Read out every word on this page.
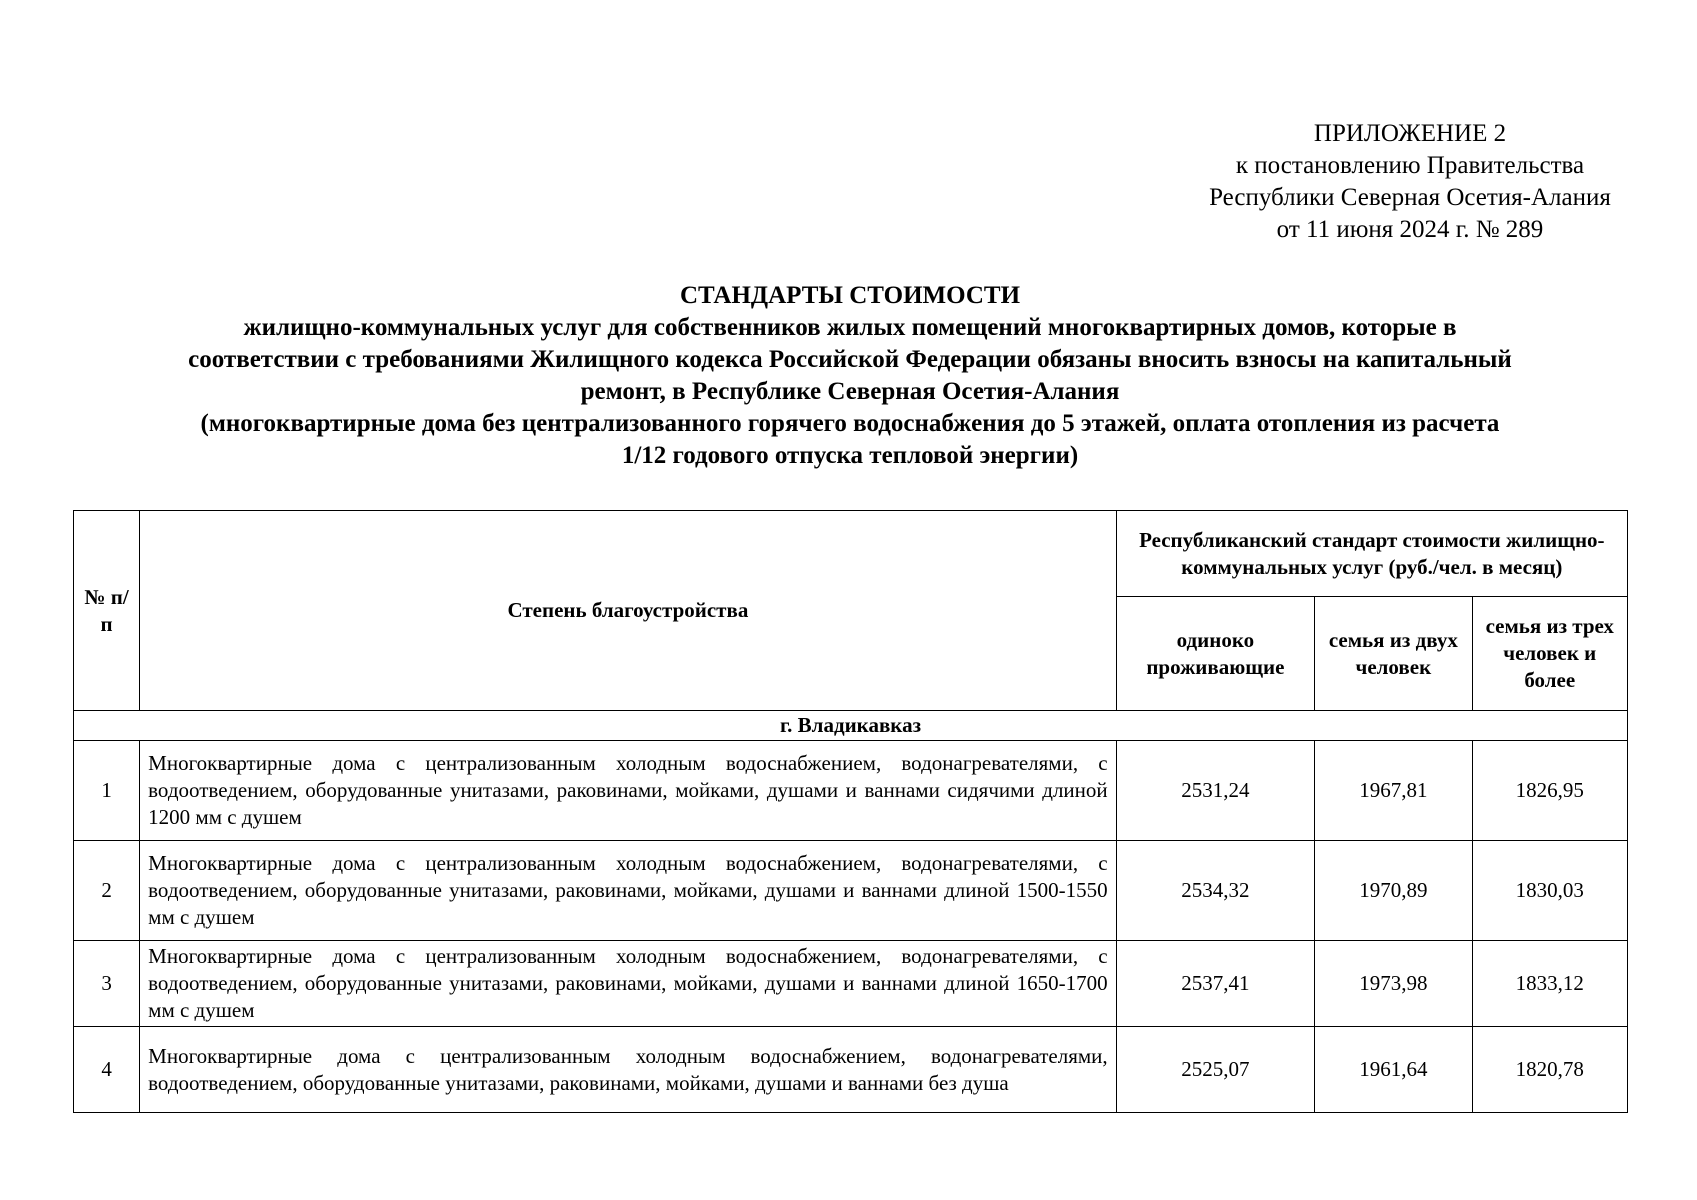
ПРИЛОЖЕНИЕ 2
к постановлению Правительства
Республики Северная Осетия-Алания
от 11 июня 2024 г. № 289
СТАНДАРТЫ СТОИМОСТИ
жилищно-коммунальных услуг для собственников жилых помещений многоквартирных домов, которые в
соответствии с требованиями Жилищного кодекса Российской Федерации обязаны вносить взносы на капитальный
ремонт, в Республике Северная Осетия-Алания
(многоквартирные дома без централизованного горячего водоснабжения до 5 этажей, оплата отопления из расчета
1/12 годового отпуска тепловой энергии)
№ п/п	Степень благоустройства	Республиканский стандарт стоимости жилищно-коммунальных услуг (руб./чел. в месяц)		
		одиноко проживающие	семья из двух человек	семья из трех человек и более
г. Владикавказ				
1	Многоквартирные дома с централизованным холодным водоснабжением, водонагревателями, с водоотведением, оборудованные унитазами, раковинами, мойками, душами и ваннами сидячими длиной 1200 мм с душем	2531,24	1967,81	1826,95
2	Многоквартирные дома с централизованным холодным водоснабжением, водонагревателями, с водоотведением, оборудованные унитазами, раковинами, мойками, душами и ваннами длиной 1500-1550 мм с душем	2534,32	1970,89	1830,03
3	Многоквартирные дома с централизованным холодным водоснабжением, водонагревателями, с водоотведением, оборудованные унитазами, раковинами, мойками, душами и ваннами длиной 1650-1700 мм с душем	2537,41	1973,98	1833,12
4	Многоквартирные дома с централизованным холодным водоснабжением, водонагревателями, водоотведением, оборудованные унитазами, раковинами, мойками, душами и ваннами без душа	2525,07	1961,64	1820,78
